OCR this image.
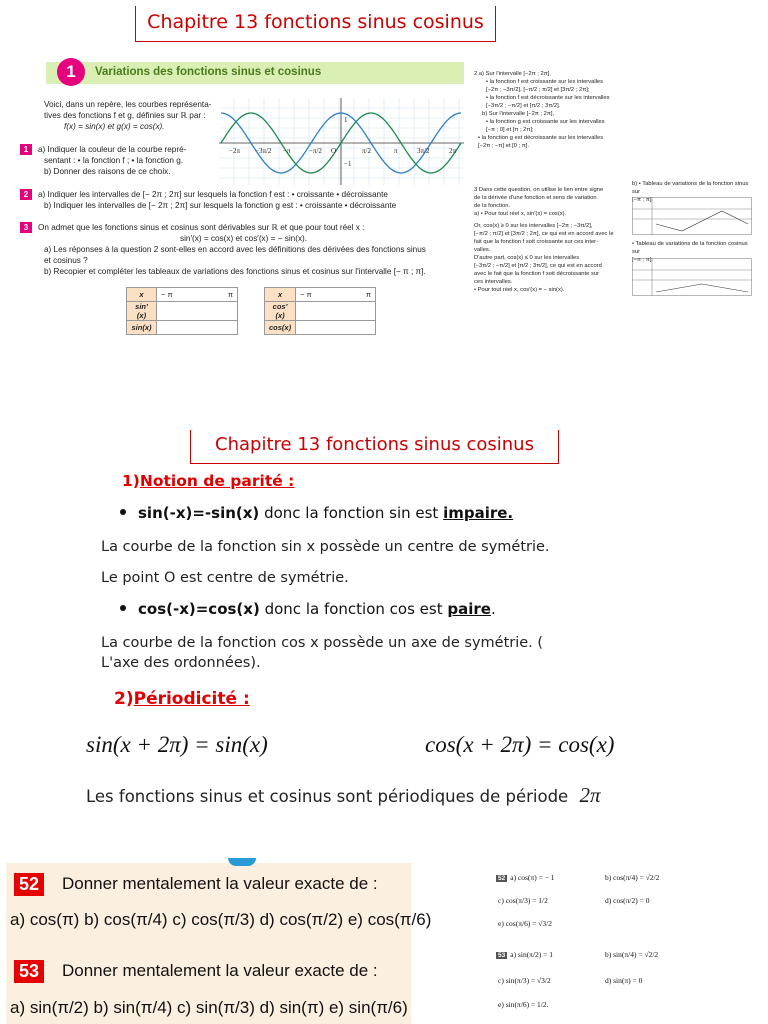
Chapitre 13 fonctions sinus cosinus
1	Variations des fonctions sinus et cosinus
Voici, dans un repère, les courbes représenta-
tives des fonctions f et g, définies sur ℝ par :
f(x) = sin(x) et g(x) = cos(x).
−2π −3π/2 −π	−π/2 O	π/2	π	3π/2	2π
1
−1
1 a) Indiquer la couleur de la courbe repré-
sentant : • la fonction f ; • la fonction g.
b) Donner des raisons de ce choix.
2 a) Indiquer les intervalles de [− 2π ; 2π] sur lesquels la fonction f est : • croissante • décroissante
b) Indiquer les intervalles de [− 2π ; 2π] sur lesquels la fonction g est : • croissante • décroissante
3 On admet que les fonctions sinus et cosinus sont dérivables sur ℝ et que pour tout réel x :
sin′(x) = cos(x) et cos′(x) = − sin(x).
a) Les réponses à la question 2 sont-elles en accord avec les définitions des dérivées des fonctions sinus
et cosinus ?
b) Recopier et compléter les tableaux de variations des fonctions sinus et cosinus sur l'intervalle [− π ; π].
x	− π π

sin′(x)	
sin(x)	
x	− π π

cos′(x)	
cos(x)	
2 a) Sur l'intervalle [−2π ; 2π],
• la fonction f est croissante sur les intervalles
[−2π ; −3π/2], [−π/2 ; π/2] et [3π/2 ; 2π];
• la fonction f est décroissante sur les intervalles
[−3π/2 ; −π/2] et [π/2 ; 3π/2].
b) Sur l'intervalle [−2π ; 2π],
• la fonction g est croissante sur les intervalles
[−π ; 0] et [π ; 2π];
• la fonction g est décroissante sur les intervalles
[−2π ; −π] et [0 ; π].
3 Dans cette question, on utilise le lien entre signe
de la dérivée d'une fonction et sens de variation
de la fonction.
a) • Pour tout réel x, sin′(x) = cos(x).
Or, cos(x) ≥ 0 sur les intervalles [−2π ; −3π/2],
[−π/2 ; π/2] et [3π/2 ; 2π], ce qui est en accord avec le
fait que la fonction f soit croissante sur ces inter-
valles.
D'autre part, cos(x) ≤ 0 sur les intervalles
[−3π/2 ; −π/2] et [π/2 ; 3π/2], ce qui est en accord
avec le fait que la fonction f soit décroissante sur
ces intervalles.
• Pour tout réel x, cos′(x) = − sin(x).
b) • Tableau de variations de la fonction sinus sur
[−π ; π].
• Tableau de variations de la fonction cosinus sur
[−π ; π].
Chapitre 13 fonctions sinus cosinus
1)Notion de parité :
sin(-x)=-sin(x) donc la fonction sin est impaire.
La courbe de la fonction sin x possède un centre de symétrie.
Le point O est centre de symétrie.
cos(-x)=cos(x) donc la fonction cos est paire.
La courbe de la fonction cos x possède un axe de symétrie. (
L'axe des ordonnées).
2)Périodicité :
sin(x + 2π) = sin(x)	cos(x + 2π) = cos(x)
Les fonctions sinus et cosinus sont périodiques de période 2π
52 Donner mentalement la valeur exacte de :
a) cos(π) b) cos(π/4) c) cos(π/3) d) cos(π/2) e) cos(π/6)
53 Donner mentalement la valeur exacte de :
a) sin(π/2) b) sin(π/4) c) sin(π/3) d) sin(π) e) sin(π/6)
52 a) cos(π) = − 1	b) cos(π/4) = √2/2
c) cos(π/3) = 1/2	d) cos(π/2) = 0
e) cos(π/6) = √3/2
53 a) sin(π/2) = 1	b) sin(π/4) = √2/2
c) sin(π/3) = √3/2	d) sin(π) = 0
e) sin(π/6) = 1/2.
